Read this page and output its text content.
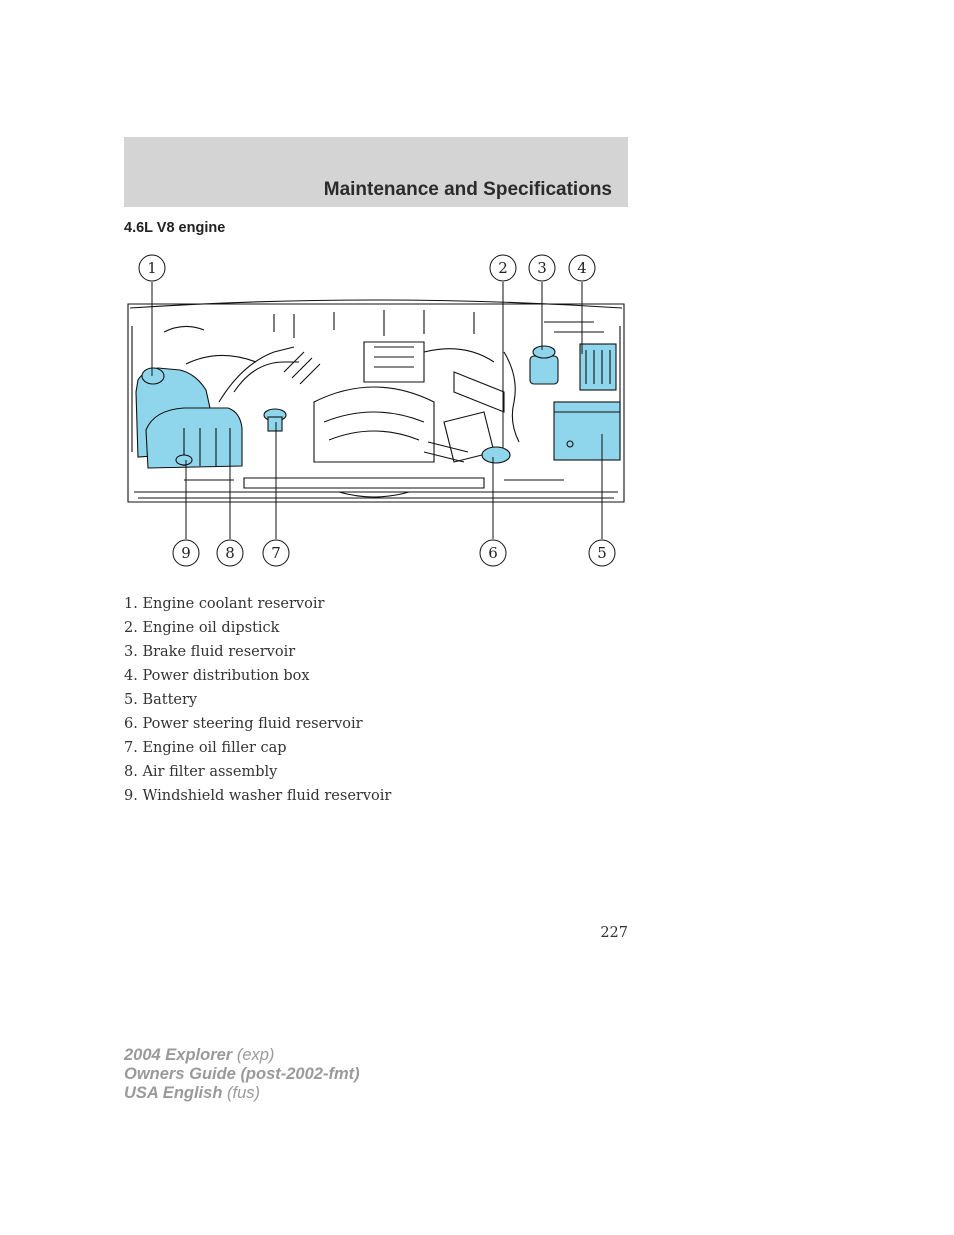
Maintenance and Specifications
4.6L V8 engine
1	2 3 4
9 8 7	6	5
1. Engine coolant reservoir
2. Engine oil dipstick
3. Brake fluid reservoir
4. Power distribution box
5. Battery
6. Power steering fluid reservoir
7. Engine oil filler cap
8. Air filter assembly
9. Windshield washer fluid reservoir
227
2004 Explorer (exp)
Owners Guide (post-2002-fmt)
USA English (fus)
